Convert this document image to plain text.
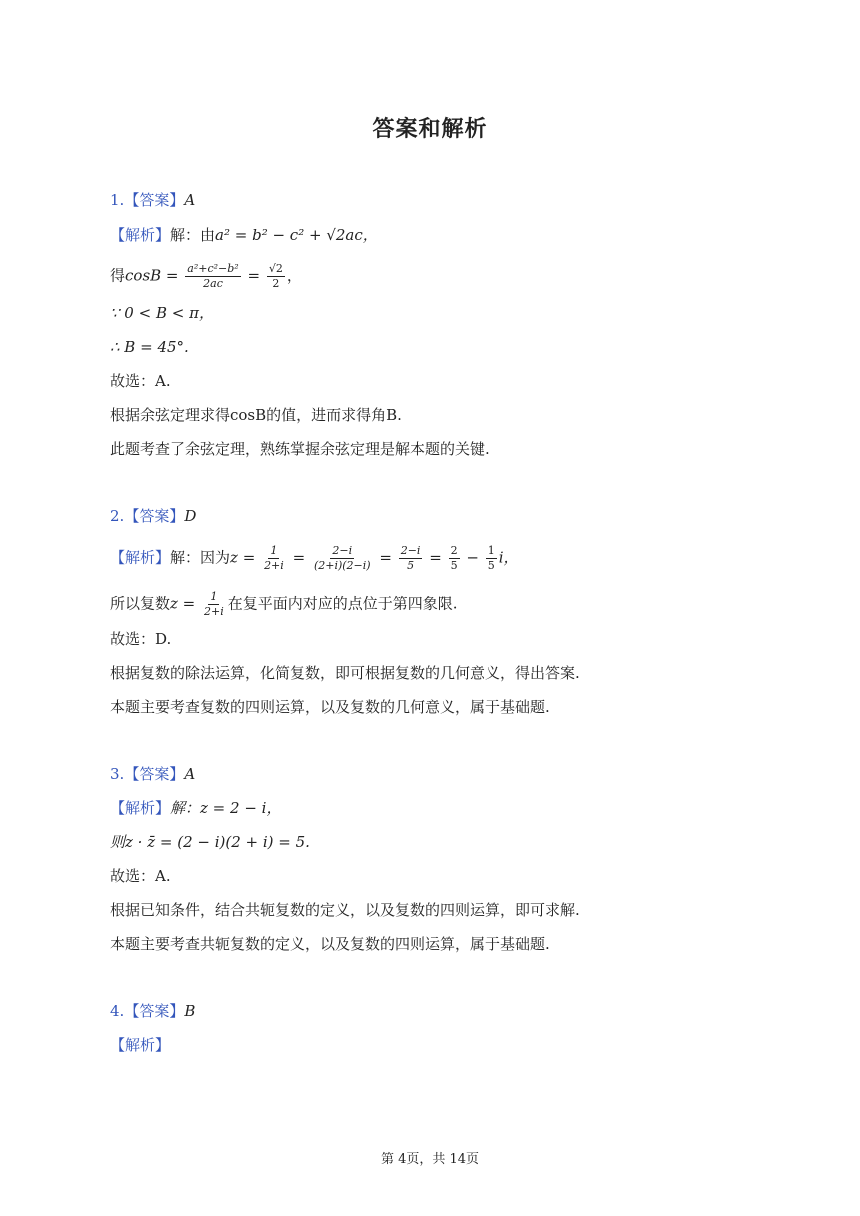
答案和解析
1.【答案】A
【解析】解：由a² = b² − c² + √2ac，
得$\cos B = \frac{\text{a²+c²−b²}}{2ac} = \frac{√2}{2}$ ，
∵ 0 < B < π，
∴ B = 45°.
故选：A.
根据余弦定理求得cosB的值，进而求得角B.
此题考查了余弦定理，熟练掌握余弦定理是解本题的关键.
2.【答案】D
【解析】解：因为$z = \frac{1}{2+i} = \frac{2-i}{(2+i)(2-i)} = \frac{2-i}{5} = \frac{2}{5} - \frac{1}{5}$ i，
所以复数$z = \frac{1}{2+i}$ 在复平面内对应的点位于第四象限.
故选：D.
根据复数的除法运算，化简复数，即可根据复数的几何意义，得出答案.
本题主要考查复数的四则运算，以及复数的几何意义，属于基础题.
3.【答案】A
【解析】解：z = 2 − i，
则z · z̄ = (2 − i)(2 + i) = 5.
故选：A.
根据已知条件，结合共轭复数的定义，以及复数的四则运算，即可求解.
本题主要考查共轭复数的定义，以及复数的四则运算，属于基础题.
4.【答案】B
【解析】
第 4页，共 14页
